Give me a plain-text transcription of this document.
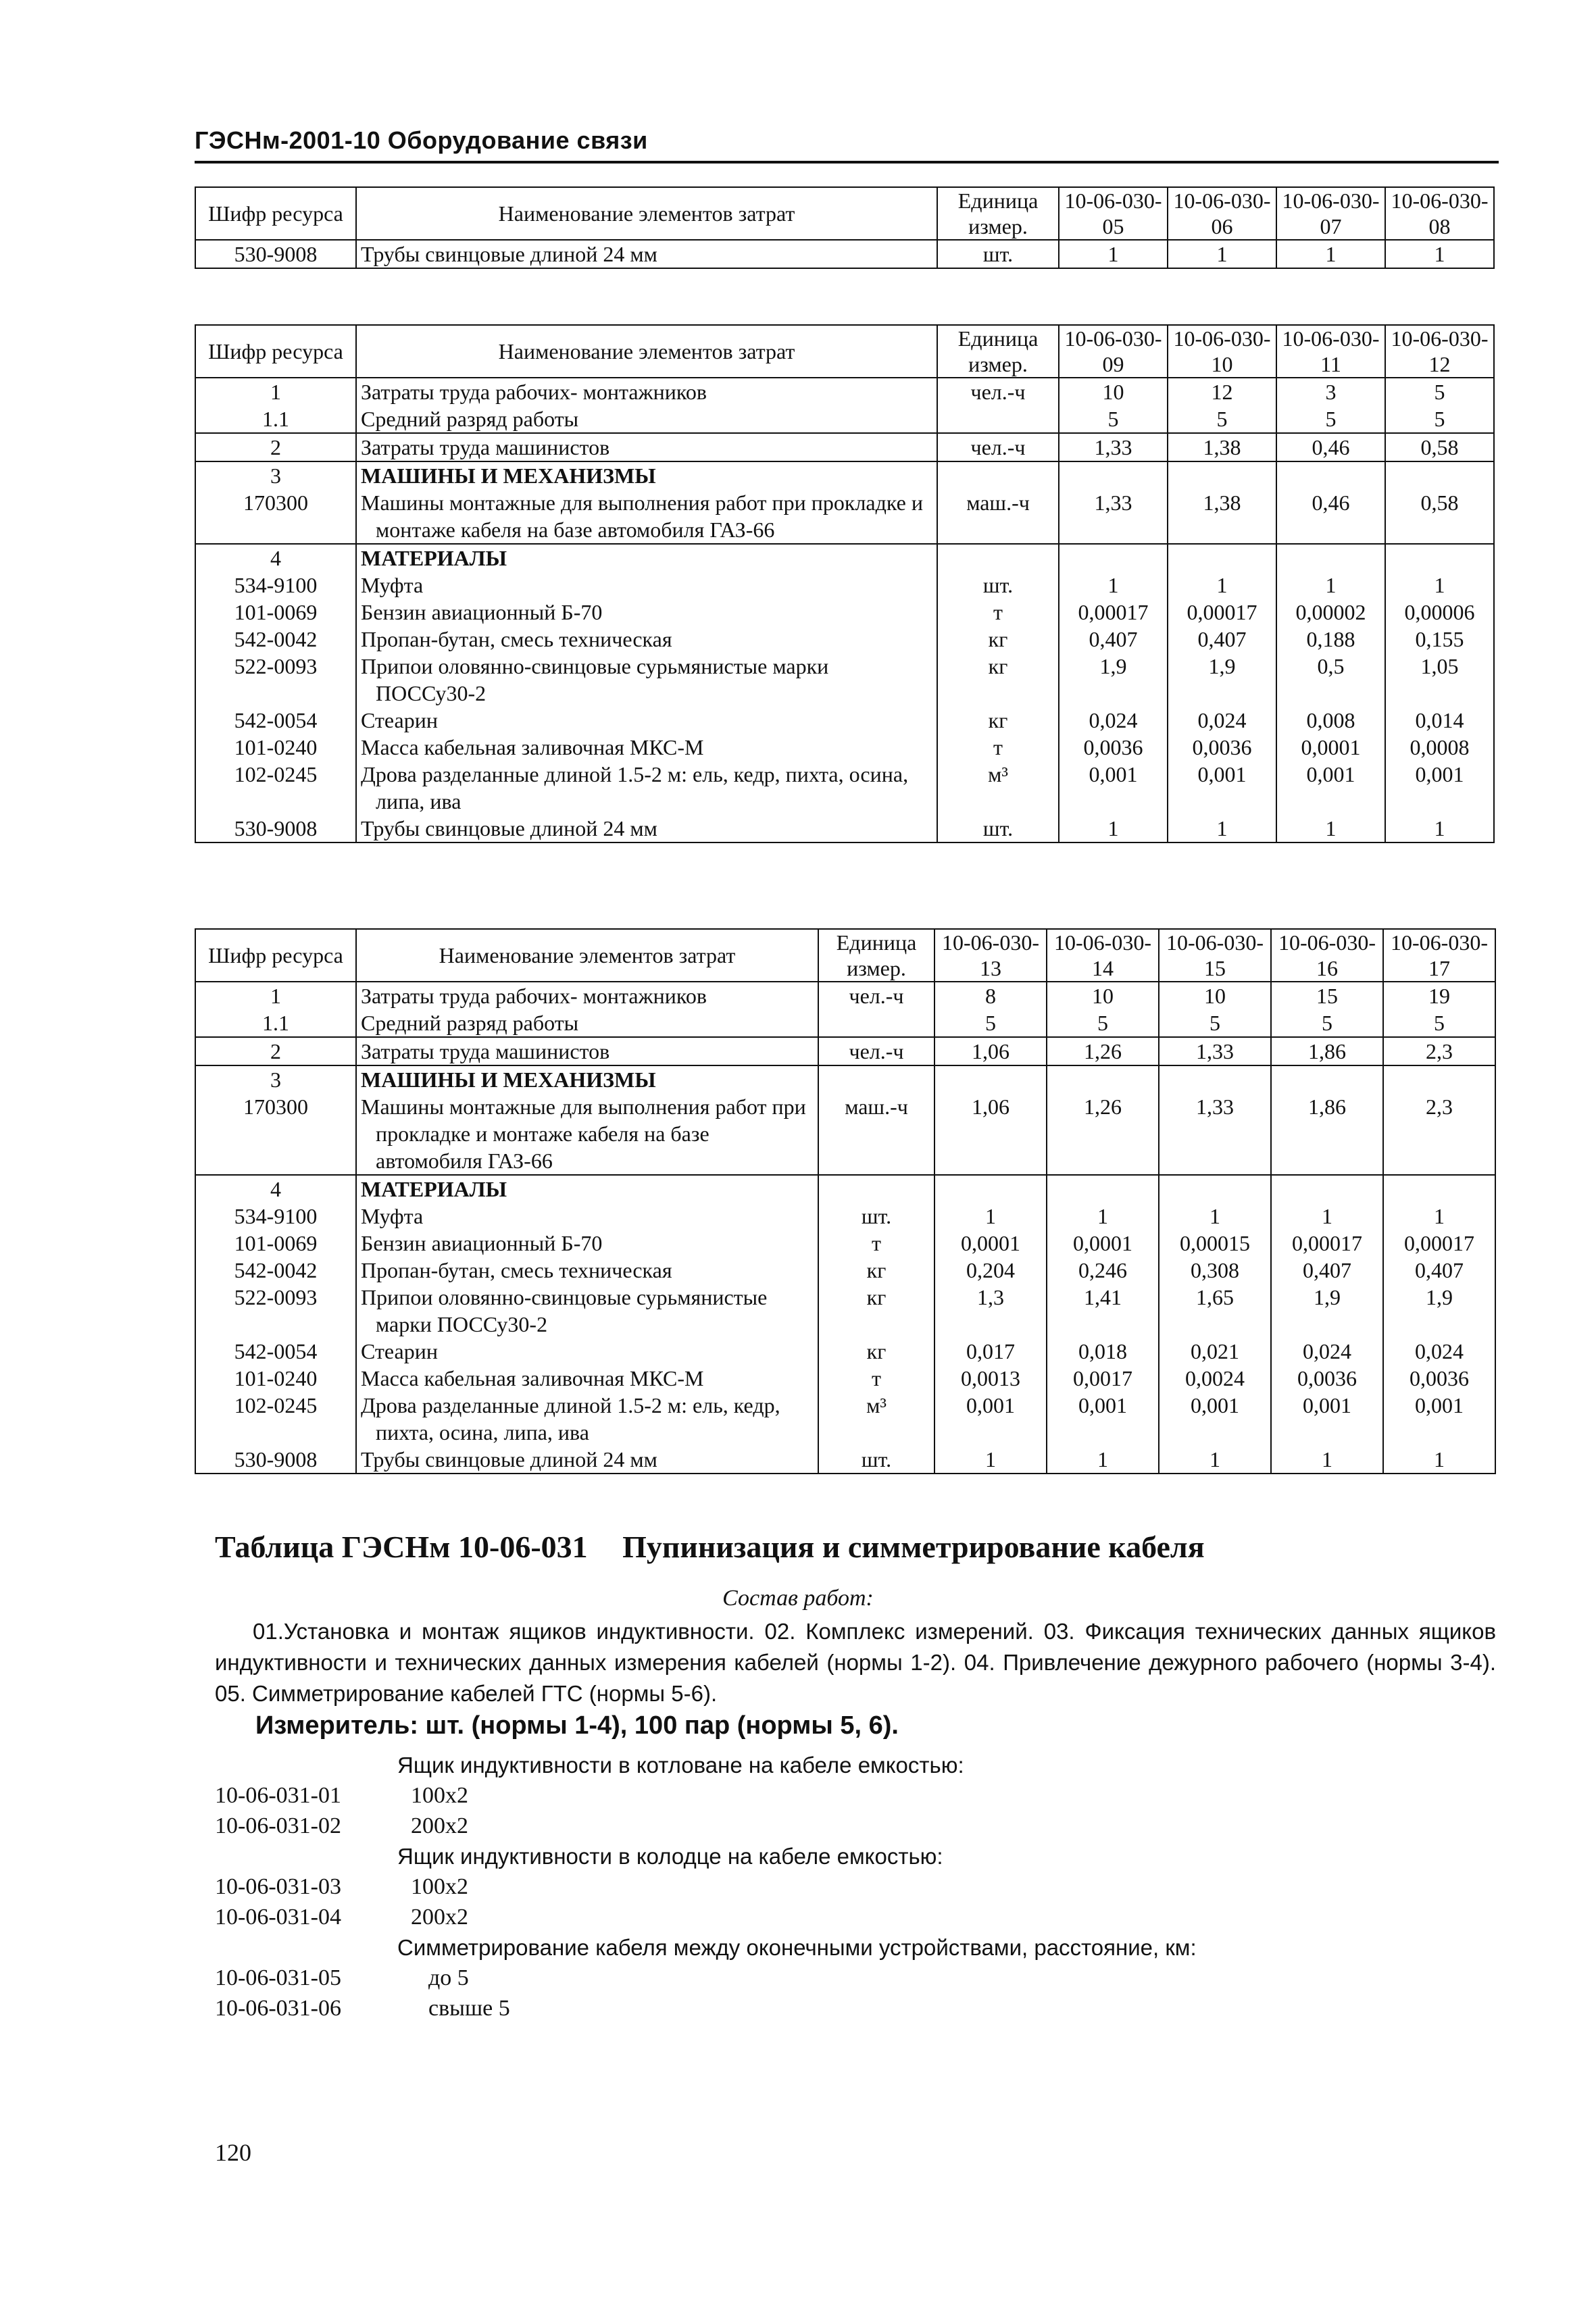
ГЭСНм-2001-10 Оборудование связи
Шифр ресурса	Наименование элементов затрат	Единица измер.	10-06-030-05	10-06-030-06	10-06-030-07	10-06-030-08
530-9008	Трубы свинцовые длиной 24 мм	шт.	1	1	1	1
Шифр ресурса	Наименование элементов затрат	Единица измер.	10-06-030-09	10-06-030-10	10-06-030-11	10-06-030-12
1	Затраты труда рабочих- монтажников	чел.-ч	10	12	3	5
1.1	Средний разряд работы		5	5	5	5
2	Затраты труда машинистов	чел.-ч	1,33	1,38	0,46	0,58
3	МАШИНЫ И МЕХАНИЗМЫ					
170300	Машины монтажные для выполнения работ при прокладке и монтаже кабеля на базе автомобиля ГАЗ-66	маш.-ч	1,33	1,38	0,46	0,58
4	МАТЕРИАЛЫ					
534-9100	Муфта	шт.	1	1	1	1
101-0069	Бензин авиационный Б-70	т	0,00017	0,00017	0,00002	0,00006
542-0042	Пропан-бутан, смесь техническая	кг	0,407	0,407	0,188	0,155
522-0093	Припои оловянно-свинцовые сурьмянистые марки ПОССу30-2	кг	1,9	1,9	0,5	1,05
542-0054	Стеарин	кг	0,024	0,024	0,008	0,014
101-0240	Масса кабельная заливочная МКС-М	т	0,0036	0,0036	0,0001	0,0008
102-0245	Дрова разделанные длиной 1.5-2 м: ель, кедр, пихта, осина, липа, ива	м³	0,001	0,001	0,001	0,001
530-9008	Трубы свинцовые длиной 24 мм	шт.	1	1	1	1
Шифр ресурса	Наименование элементов затрат	Единица измер.	10-06-030-13	10-06-030-14	10-06-030-15	10-06-030-16	10-06-030-17
1	Затраты труда рабочих- монтажников	чел.-ч	8	10	10	15	19
1.1	Средний разряд работы		5	5	5	5	5
2	Затраты труда машинистов	чел.-ч	1,06	1,26	1,33	1,86	2,3
3	МАШИНЫ И МЕХАНИЗМЫ						
170300	Машины монтажные для выполнения работ при прокладке и монтаже кабеля на базе автомобиля ГАЗ-66	маш.-ч	1,06	1,26	1,33	1,86	2,3
4	МАТЕРИАЛЫ						
534-9100	Муфта	шт.	1	1	1	1	1
101-0069	Бензин авиационный Б-70	т	0,0001	0,0001	0,00015	0,00017	0,00017
542-0042	Пропан-бутан, смесь техническая	кг	0,204	0,246	0,308	0,407	0,407
522-0093	Припои оловянно-свинцовые сурьмянистые марки ПОССу30-2	кг	1,3	1,41	1,65	1,9	1,9
542-0054	Стеарин	кг	0,017	0,018	0,021	0,024	0,024
101-0240	Масса кабельная заливочная МКС-М	т	0,0013	0,0017	0,0024	0,0036	0,0036
102-0245	Дрова разделанные длиной 1.5-2 м: ель, кедр, пихта, осина, липа, ива	м³	0,001	0,001	0,001	0,001	0,001
530-9008	Трубы свинцовые длиной 24 мм	шт.	1	1	1	1	1
Таблица ГЭСНм 10-06-031 Пупинизация и симметрирование кабеля
Состав работ:
01.Установка и монтаж ящиков индуктивности. 02. Комплекс измерений. 03. Фиксация технических данных ящиков индуктивности и технических данных измерения кабелей (нормы 1-2). 04. Привлечение дежурного рабочего (нормы 3-4). 05. Симметрирование кабелей ГТС (нормы 5-6).
Измеритель: шт. (нормы 1-4), 100 пар (нормы 5, 6).
Ящик индуктивности в котловане на кабеле емкостью:
10-06-031-01	100x2
10-06-031-02	200x2
Ящик индуктивности в колодце на кабеле емкостью:
10-06-031-03	100x2
10-06-031-04	200x2
Симметрирование кабеля между оконечными устройствами, расстояние, км:
10-06-031-05	до 5
10-06-031-06	свыше 5
120
